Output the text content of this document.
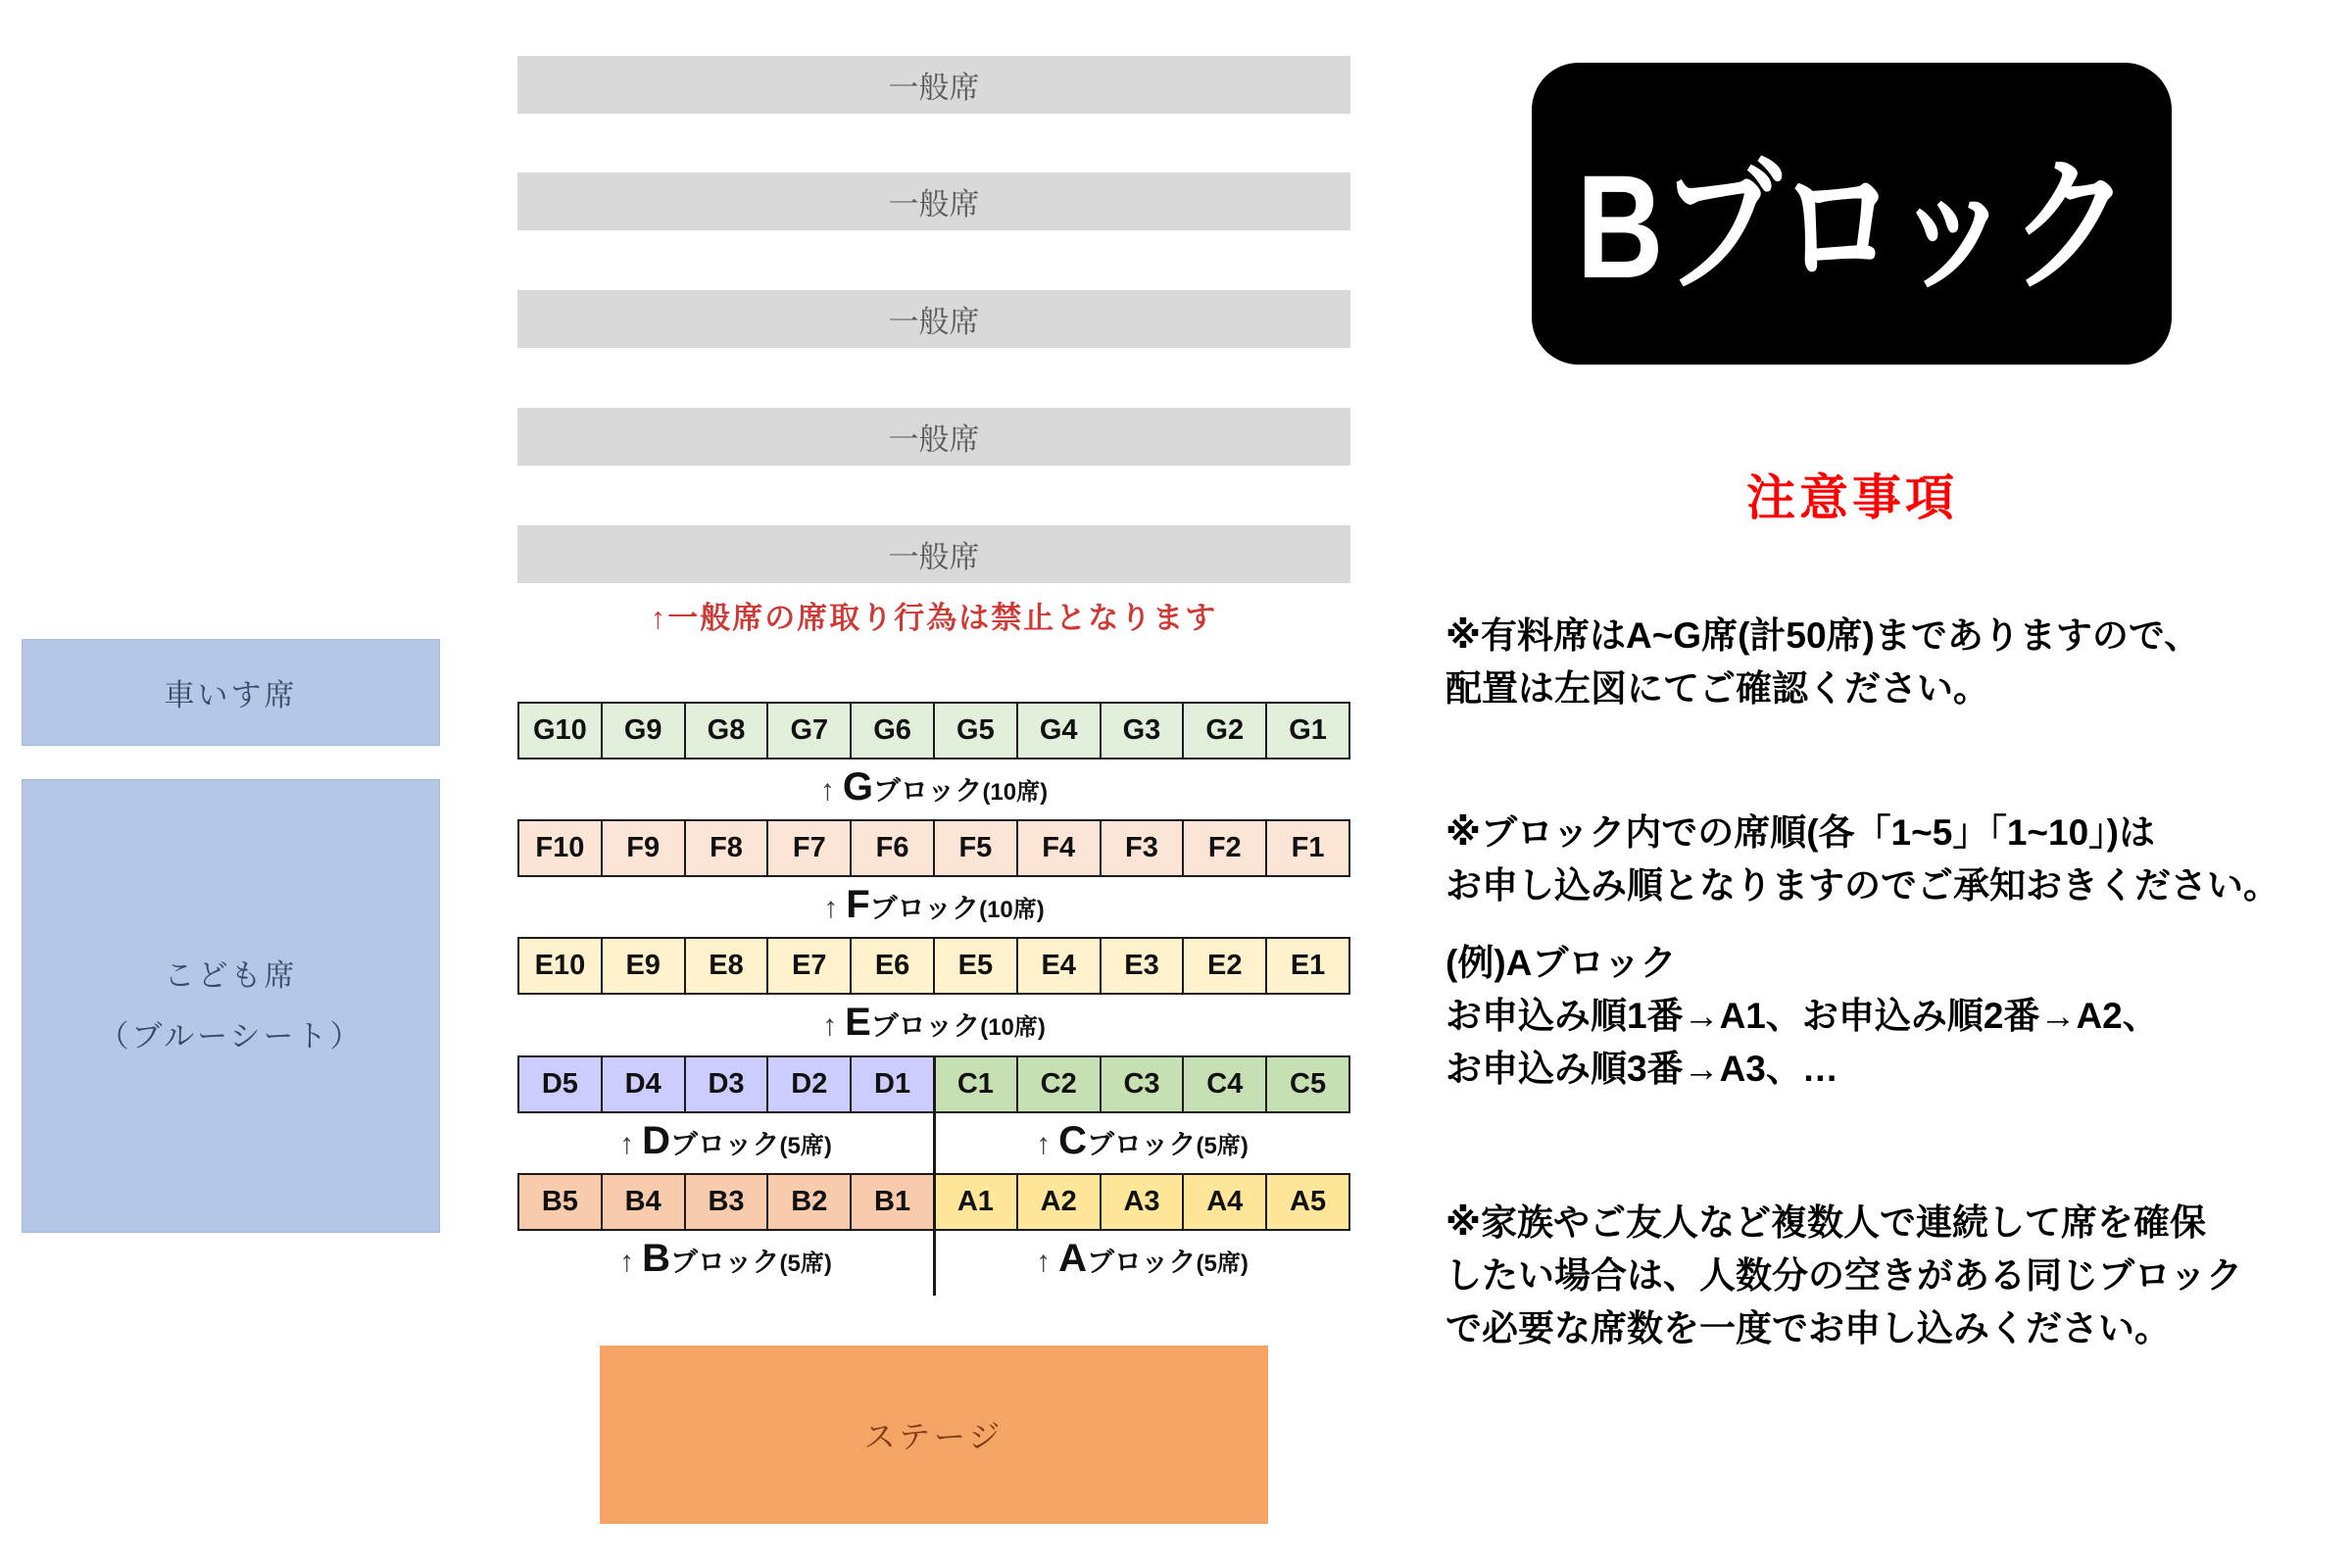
車いす席
こども席
（ブルーシート）
一般席
一般席
一般席
一般席
一般席
↑一般席の席取り行為は禁止となります
G10	G9	G8	G7	G6	G5	G4	G3	G2	G1
↑ G ブロック (10席)
F10	F9	F8	F7	F6	F5	F4	F3	F2	F1
↑ F ブロック (10席)
E10	E9	E8	E7	E6	E5	E4	E3	E2	E1
↑ E ブロック (10席)
D5	D4	D3	D2	D1	C1	C2	C3	C4	C5
↑ D ブロック (5席)	↑ C ブロック (5席)
B5	B4	B3	B2	B1	A1	A2	A3	A4	A5
↑ B ブロック (5席)	↑ A ブロック (5席)
ステージ
Bブロック
注意事項
※有料席はA~G席(計50席)までありますので、
配置は左図にてご確認ください。
※ブロック内での席順(各「1~5」「1~10」)は
お申し込み順となりますのでご承知おきください。
(例)Aブロック
お申込み順1番→A1、お申込み順2番→A2、
お申込み順3番→A3、…
※家族やご友人など複数人で連続して席を確保
したい場合は、人数分の空きがある同じブロック
で必要な席数を一度でお申し込みください。
